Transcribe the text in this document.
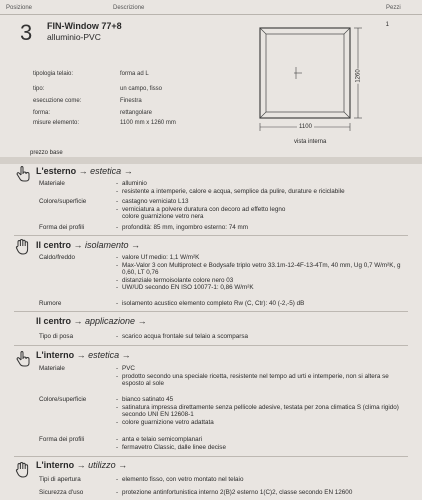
Posizione	Descrizione	Pezzi
3 FIN-Window 77+8
alluminio-PVC
1
tipologia telaio:	forma ad L
tipo:	un campo, fisso
esecuzione come:	Finestra
forma:	rettangolare
misure elemento:	1100 mm x 1260 mm
1100
1260
vista interna
prezzo base
L'esterno → estetica →
Materiale	- alluminio
- resistente a intemperie, calore e acqua, semplice da pulire, durature e riciclabile
Colore/superficie	- castagno verniciato L13
- verniciatura a polvere duratura con decoro ad effetto legno
colore guarnizione vetro nera
Forma dei profili	- profondità: 85 mm, ingombro esterno: 74 mm
Il centro → isolamento →
Caldo/freddo	- valore Uf medio: 1,1 W/m²K
- Max-Valor 3 con Multiprotect e Bodysafe triplo vetro 33.1m-12-4F-13-4Tm, 40 mm, Ug 0,7 W/m²K, g 0,60, LT 0,76
- distanziale termoisolante colore nero 03
- UW/UD secondo EN ISO 10077-1: 0,86 W/m²K
Rumore	- isolamento acustico elemento completo Rw (C, Ctr): 40 (-2,-5) dB
Il centro → applicazione →
Tipo di posa	- scarico acqua frontale sul telaio a scomparsa
L'interno → estetica →
Materiale	- PVC
- prodotto secondo una speciale ricetta, resistente nel tempo ad urti e intemperie, non si altera se esposto al sole
Colore/superficie	- bianco satinato 45
- satinatura impressa direttamente senza pellicole adesive, testata per zona climatica S (clima rigido) secondo UNI EN 12608-1
- colore guarnizione vetro adattata
Forma dei profili	- anta e telaio semicomplanari
- fermavetro Classic, dalle linee decise
L'interno → utilizzo →
Tipi di apertura	- elemento fisso, con vetro montato nel telaio
Sicurezza d'uso	- protezione antinfortunistica interno 2(B)2 esterno 1(C)2, classe secondo EN 12600
